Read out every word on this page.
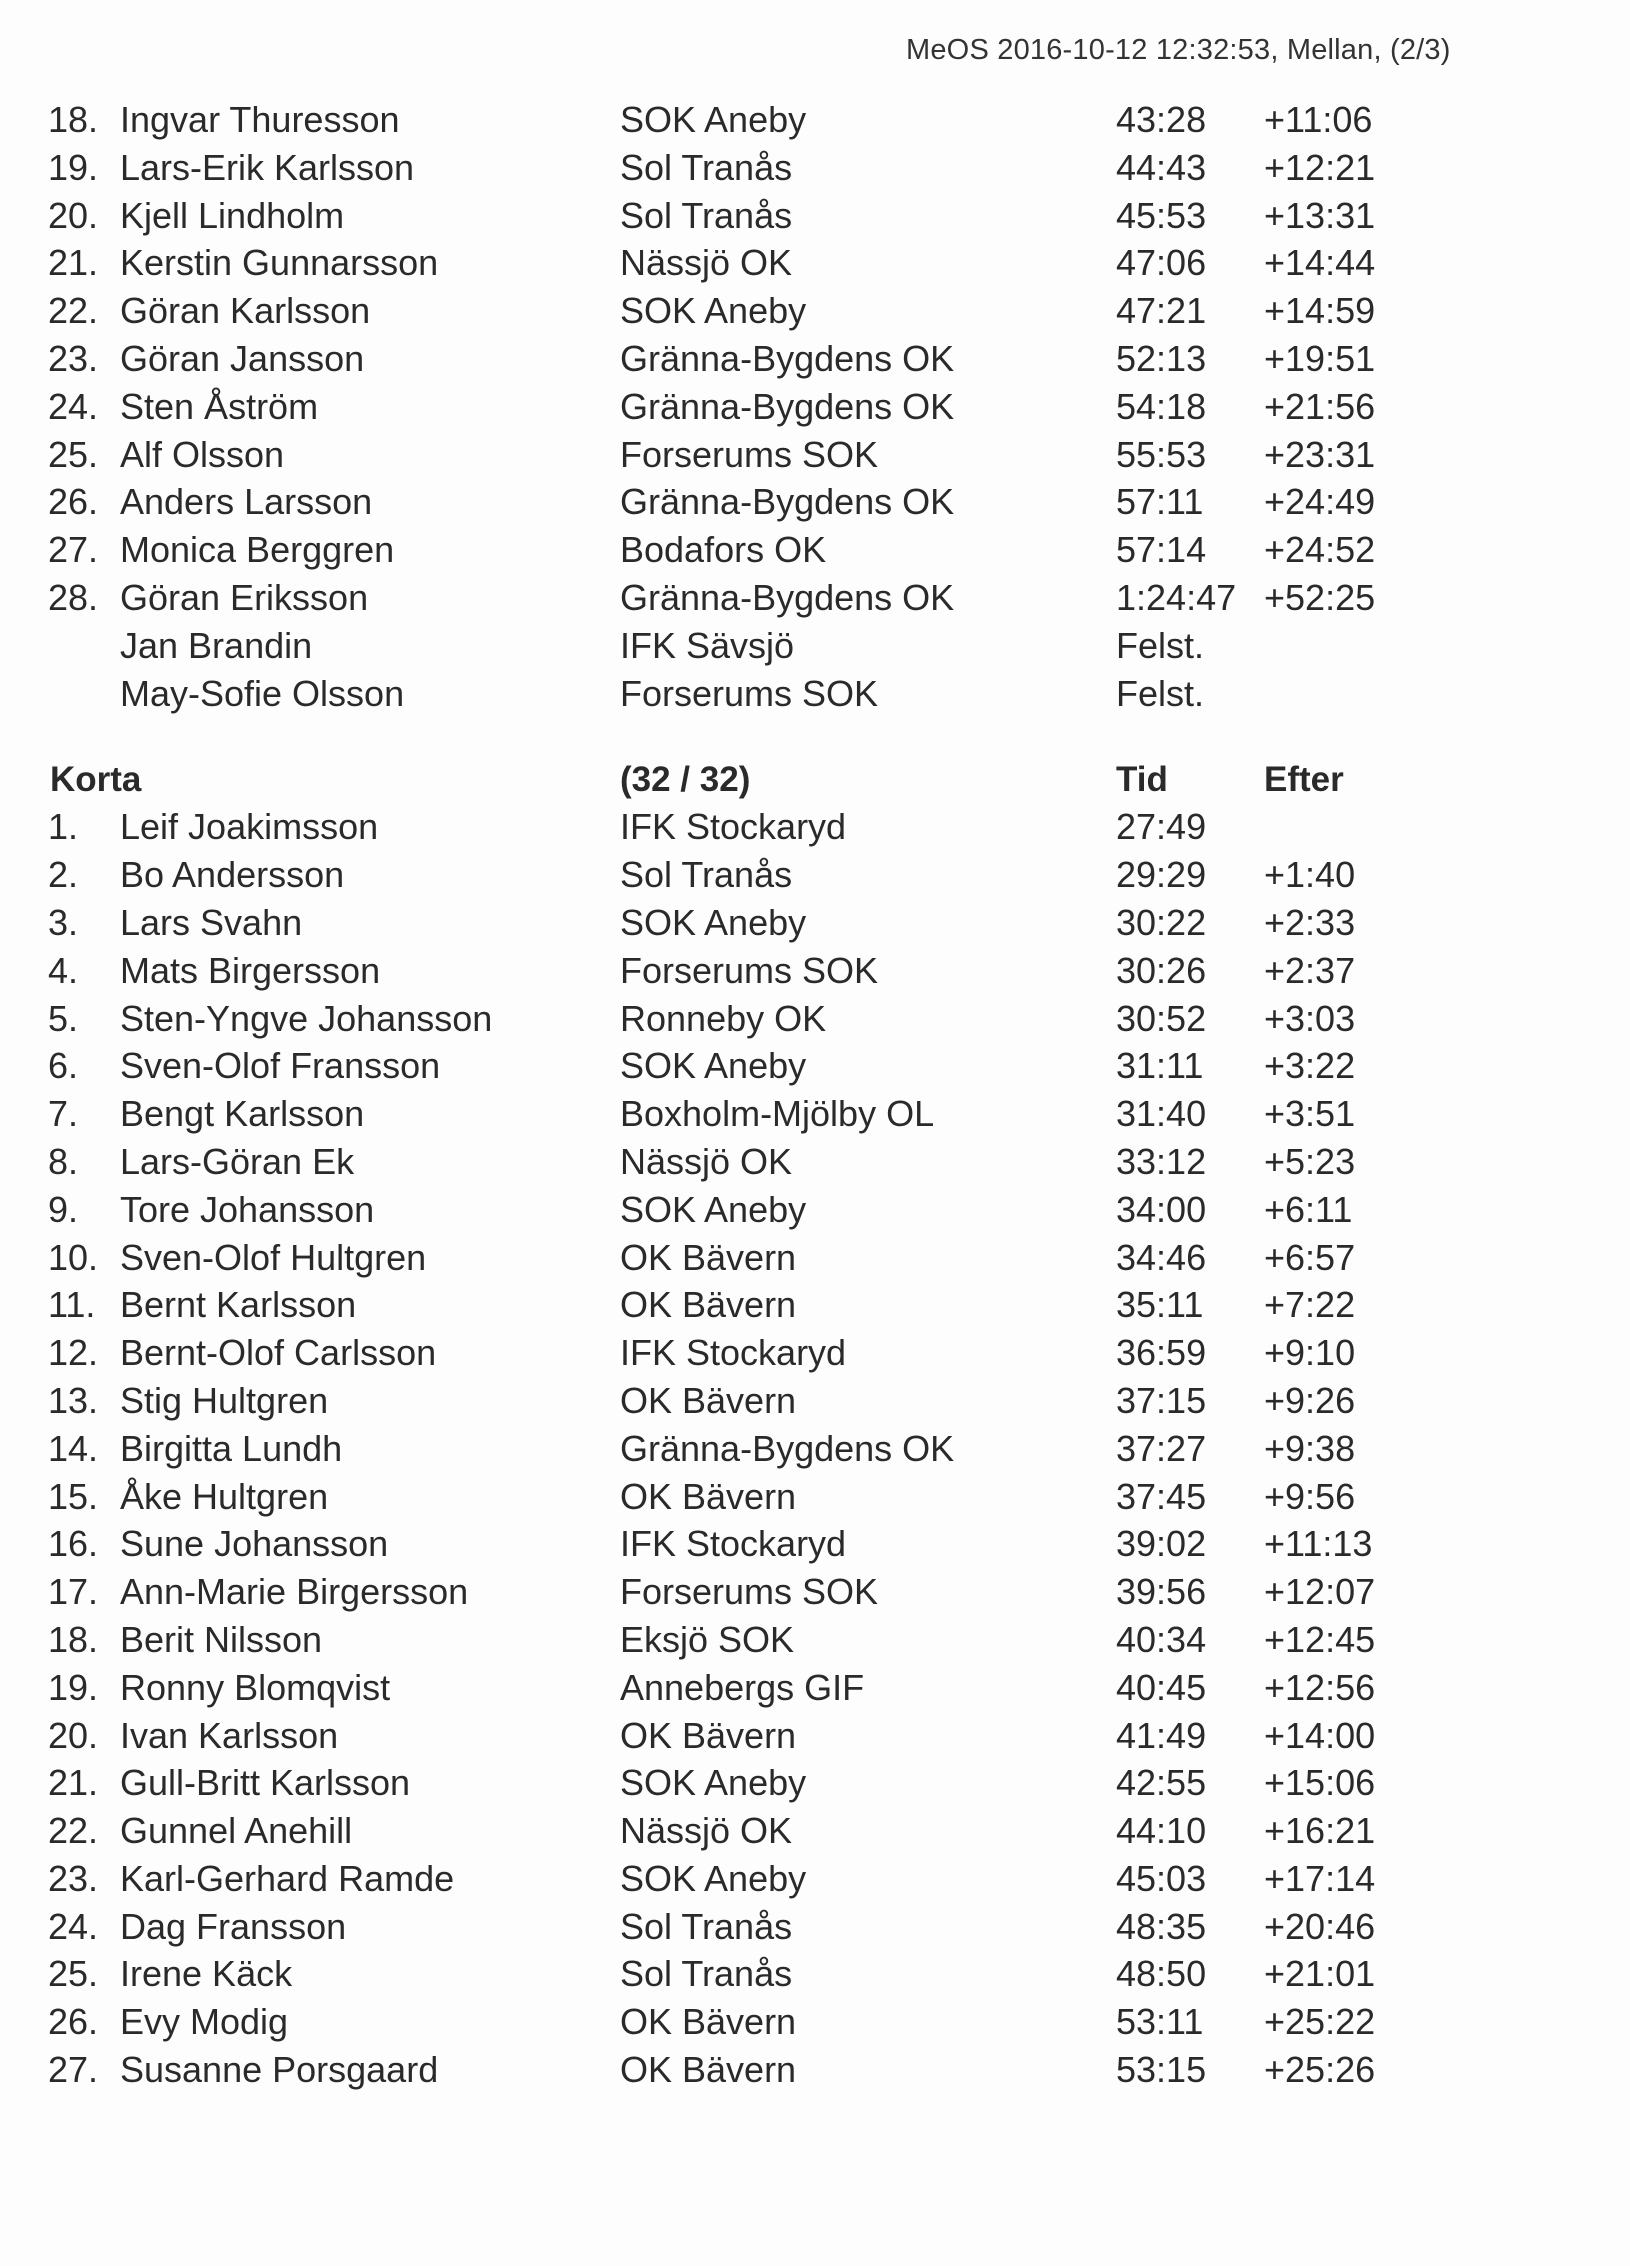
MeOS 2016-10-12 12:32:53, Mellan, (2/3)
18. Ingvar Thuresson	SOK Aneby	43:28 +11:06
19. Lars-Erik Karlsson	Sol Tranås	44:43 +12:21
20. Kjell Lindholm	Sol Tranås	45:53 +13:31
21. Kerstin Gunnarsson	Nässjö OK	47:06 +14:44
22. Göran Karlsson	SOK Aneby	47:21 +14:59
23. Göran Jansson	Gränna-Bygdens OK	52:13 +19:51
24. Sten Åström	Gränna-Bygdens OK	54:18 +21:56
25. Alf Olsson	Forserums SOK	55:53 +23:31
26. Anders Larsson	Gränna-Bygdens OK	57:11 +24:49
27. Monica Berggren	Bodafors OK	57:14 +24:52
28. Göran Eriksson	Gränna-Bygdens OK	1:24:47 +52:25
Jan Brandin	IFK Sävsjö	Felst.
May-Sofie Olsson	Forserums SOK	Felst.
Korta	(32 / 32)	Tid	Efter
1.	Leif Joakimsson	IFK Stockaryd	27:49
2.	Bo Andersson	Sol Tranås	29:29 +1:40
3.	Lars Svahn	SOK Aneby	30:22 +2:33
4.	Mats Birgersson	Forserums SOK	30:26 +2:37
5.	Sten-Yngve Johansson	Ronneby OK	30:52 +3:03
6.	Sven-Olof Fransson	SOK Aneby	31:11 +3:22
7.	Bengt Karlsson	Boxholm-Mjölby OL	31:40 +3:51
8.	Lars-Göran Ek	Nässjö OK	33:12 +5:23
9.	Tore Johansson	SOK Aneby	34:00 +6:11
10. Sven-Olof Hultgren	OK Bävern	34:46 +6:57
11. Bernt Karlsson	OK Bävern	35:11 +7:22
12. Bernt-Olof Carlsson	IFK Stockaryd	36:59 +9:10
13. Stig Hultgren	OK Bävern	37:15 +9:26
14. Birgitta Lundh	Gränna-Bygdens OK	37:27 +9:38
15. Åke Hultgren	OK Bävern	37:45 +9:56
16. Sune Johansson	IFK Stockaryd	39:02 +11:13
17. Ann-Marie Birgersson	Forserums SOK	39:56 +12:07
18. Berit Nilsson	Eksjö SOK	40:34 +12:45
19. Ronny Blomqvist	Annebergs GIF	40:45 +12:56
20. Ivan Karlsson	OK Bävern	41:49 +14:00
21. Gull-Britt Karlsson	SOK Aneby	42:55 +15:06
22. Gunnel Anehill	Nässjö OK	44:10 +16:21
23. Karl-Gerhard Ramde	SOK Aneby	45:03 +17:14
24. Dag Fransson	Sol Tranås	48:35 +20:46
25. Irene Käck	Sol Tranås	48:50 +21:01
26. Evy Modig	OK Bävern	53:11 +25:22
27. Susanne Porsgaard	OK Bävern	53:15 +25:26
